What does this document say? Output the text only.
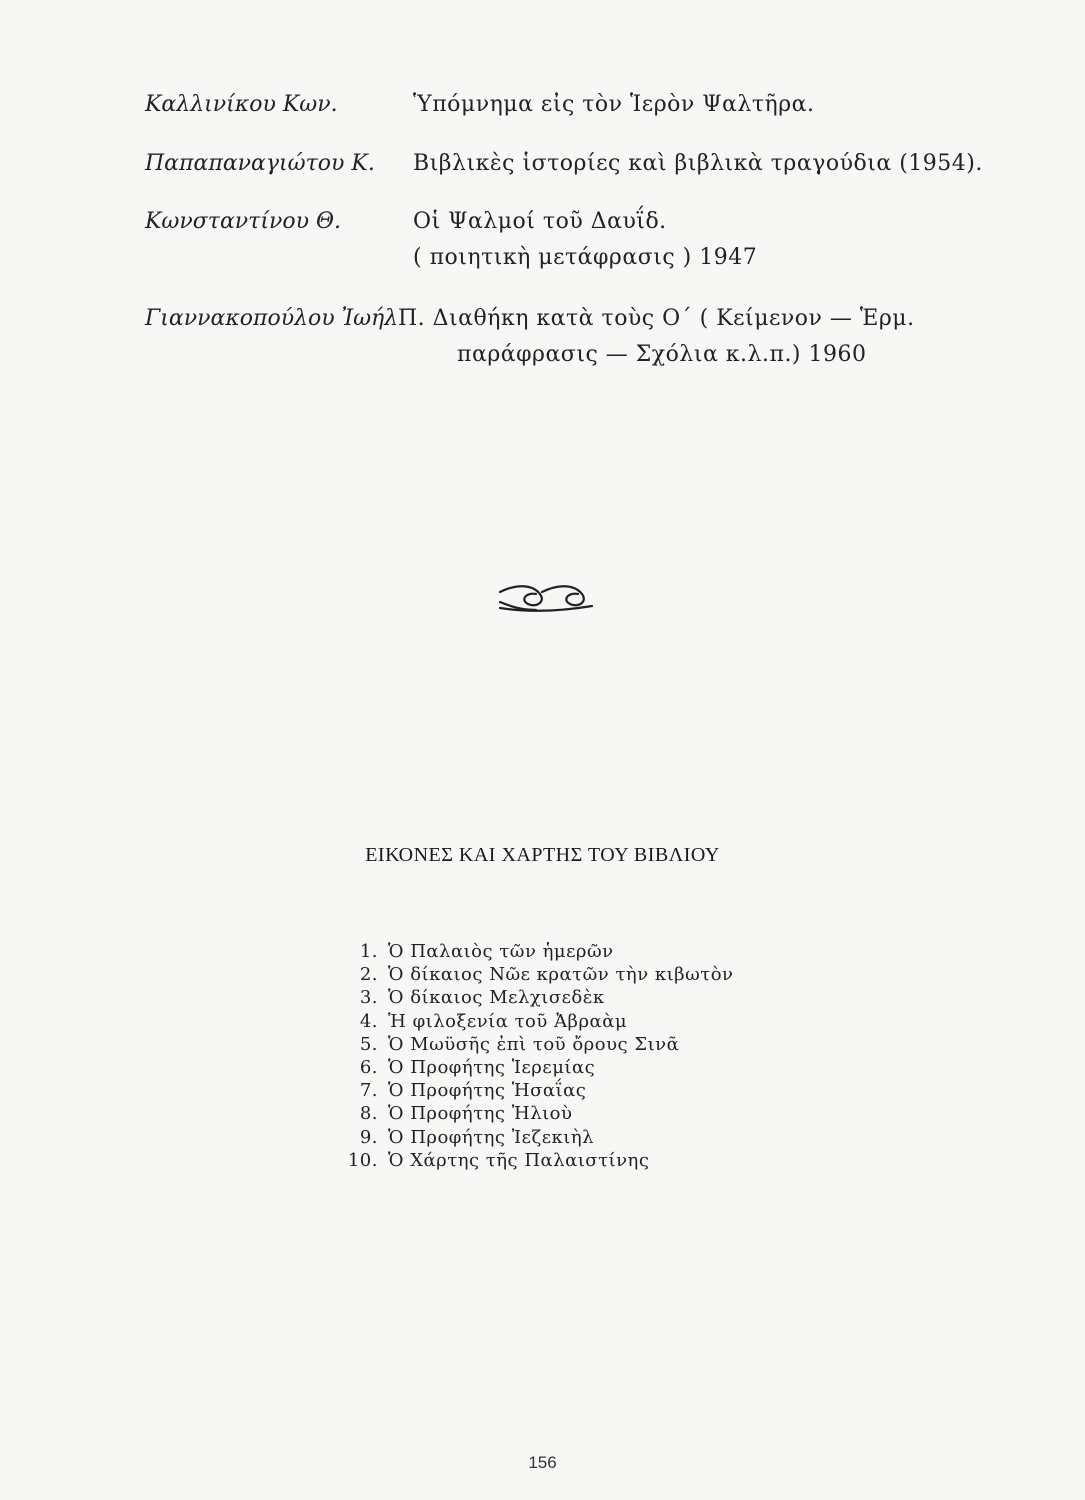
Καλλινίκου Κων.	Ὑπόμνημα εἰς τὸν Ἱερὸν Ψαλτῆρα.
Παπαπαναγιώτου Κ. Βιβλικὲς ἱστορίες καὶ βιβλικὰ τραγούδια (1954).
Κωνσταντίνου Θ.	Οἱ Ψαλμοί τοῦ Δαυΐδ.
( ποιητικὴ μετάφρασις ) 1947
Γιαννακοπούλου Ἰωήλ Π. Διαθήκη κατὰ τοὺς Ο΄ ( Κείμενον — Ἑρμ.
παράφρασις — Σχόλια κ.λ.π.) 1960
ΕΙΚΟΝΕΣ ΚΑΙ ΧΑΡΤΗΣ ΤΟΥ ΒΙΒΛΙΟΥ
1. Ὁ Παλαιὸς τῶν ἡμερῶν
2. Ὁ δίκαιος Νῶε κρατῶν τὴν κιβωτὸν
3. Ὁ δίκαιος Μελχισεδὲκ
4. Ἡ φιλοξενία τοῦ Ἀβραὰμ
5. Ὁ Μωϋσῆς ἐπὶ τοῦ ὄρους Σινᾶ
6. Ὁ Προφήτης Ἱερεμίας
7. Ὁ Προφήτης Ἡσαΐας
8. Ὁ Προφήτης Ἠλιοὺ
9. Ὁ Προφήτης Ἰεζεκιὴλ
10. Ὁ Χάρτης τῆς Παλαιστίνης
156
